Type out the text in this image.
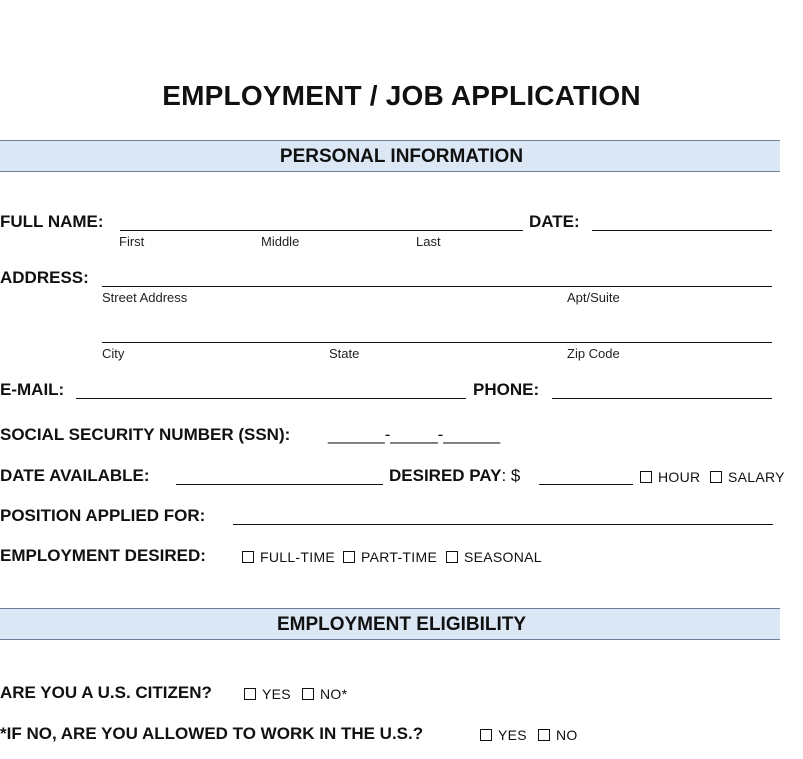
EMPLOYMENT / JOB APPLICATION
PERSONAL INFORMATION
FULL NAME:	DATE:
First	Middle	Last
ADDRESS:
Street Address	Apt/Suite
City	State	Zip Code
E-MAIL:	PHONE:
SOCIAL SECURITY NUMBER (SSN): ______-_____-______
DATE AVAILABLE:	DESIRED PAY: $	HOUR	SALARY
POSITION APPLIED FOR:
EMPLOYMENT DESIRED:	FULL-TIME	PART-TIME	SEASONAL
EMPLOYMENT ELIGIBILITY
ARE YOU A U.S. CITIZEN?	YES	NO*
*IF NO, ARE YOU ALLOWED TO WORK IN THE U.S.?	YES	NO
